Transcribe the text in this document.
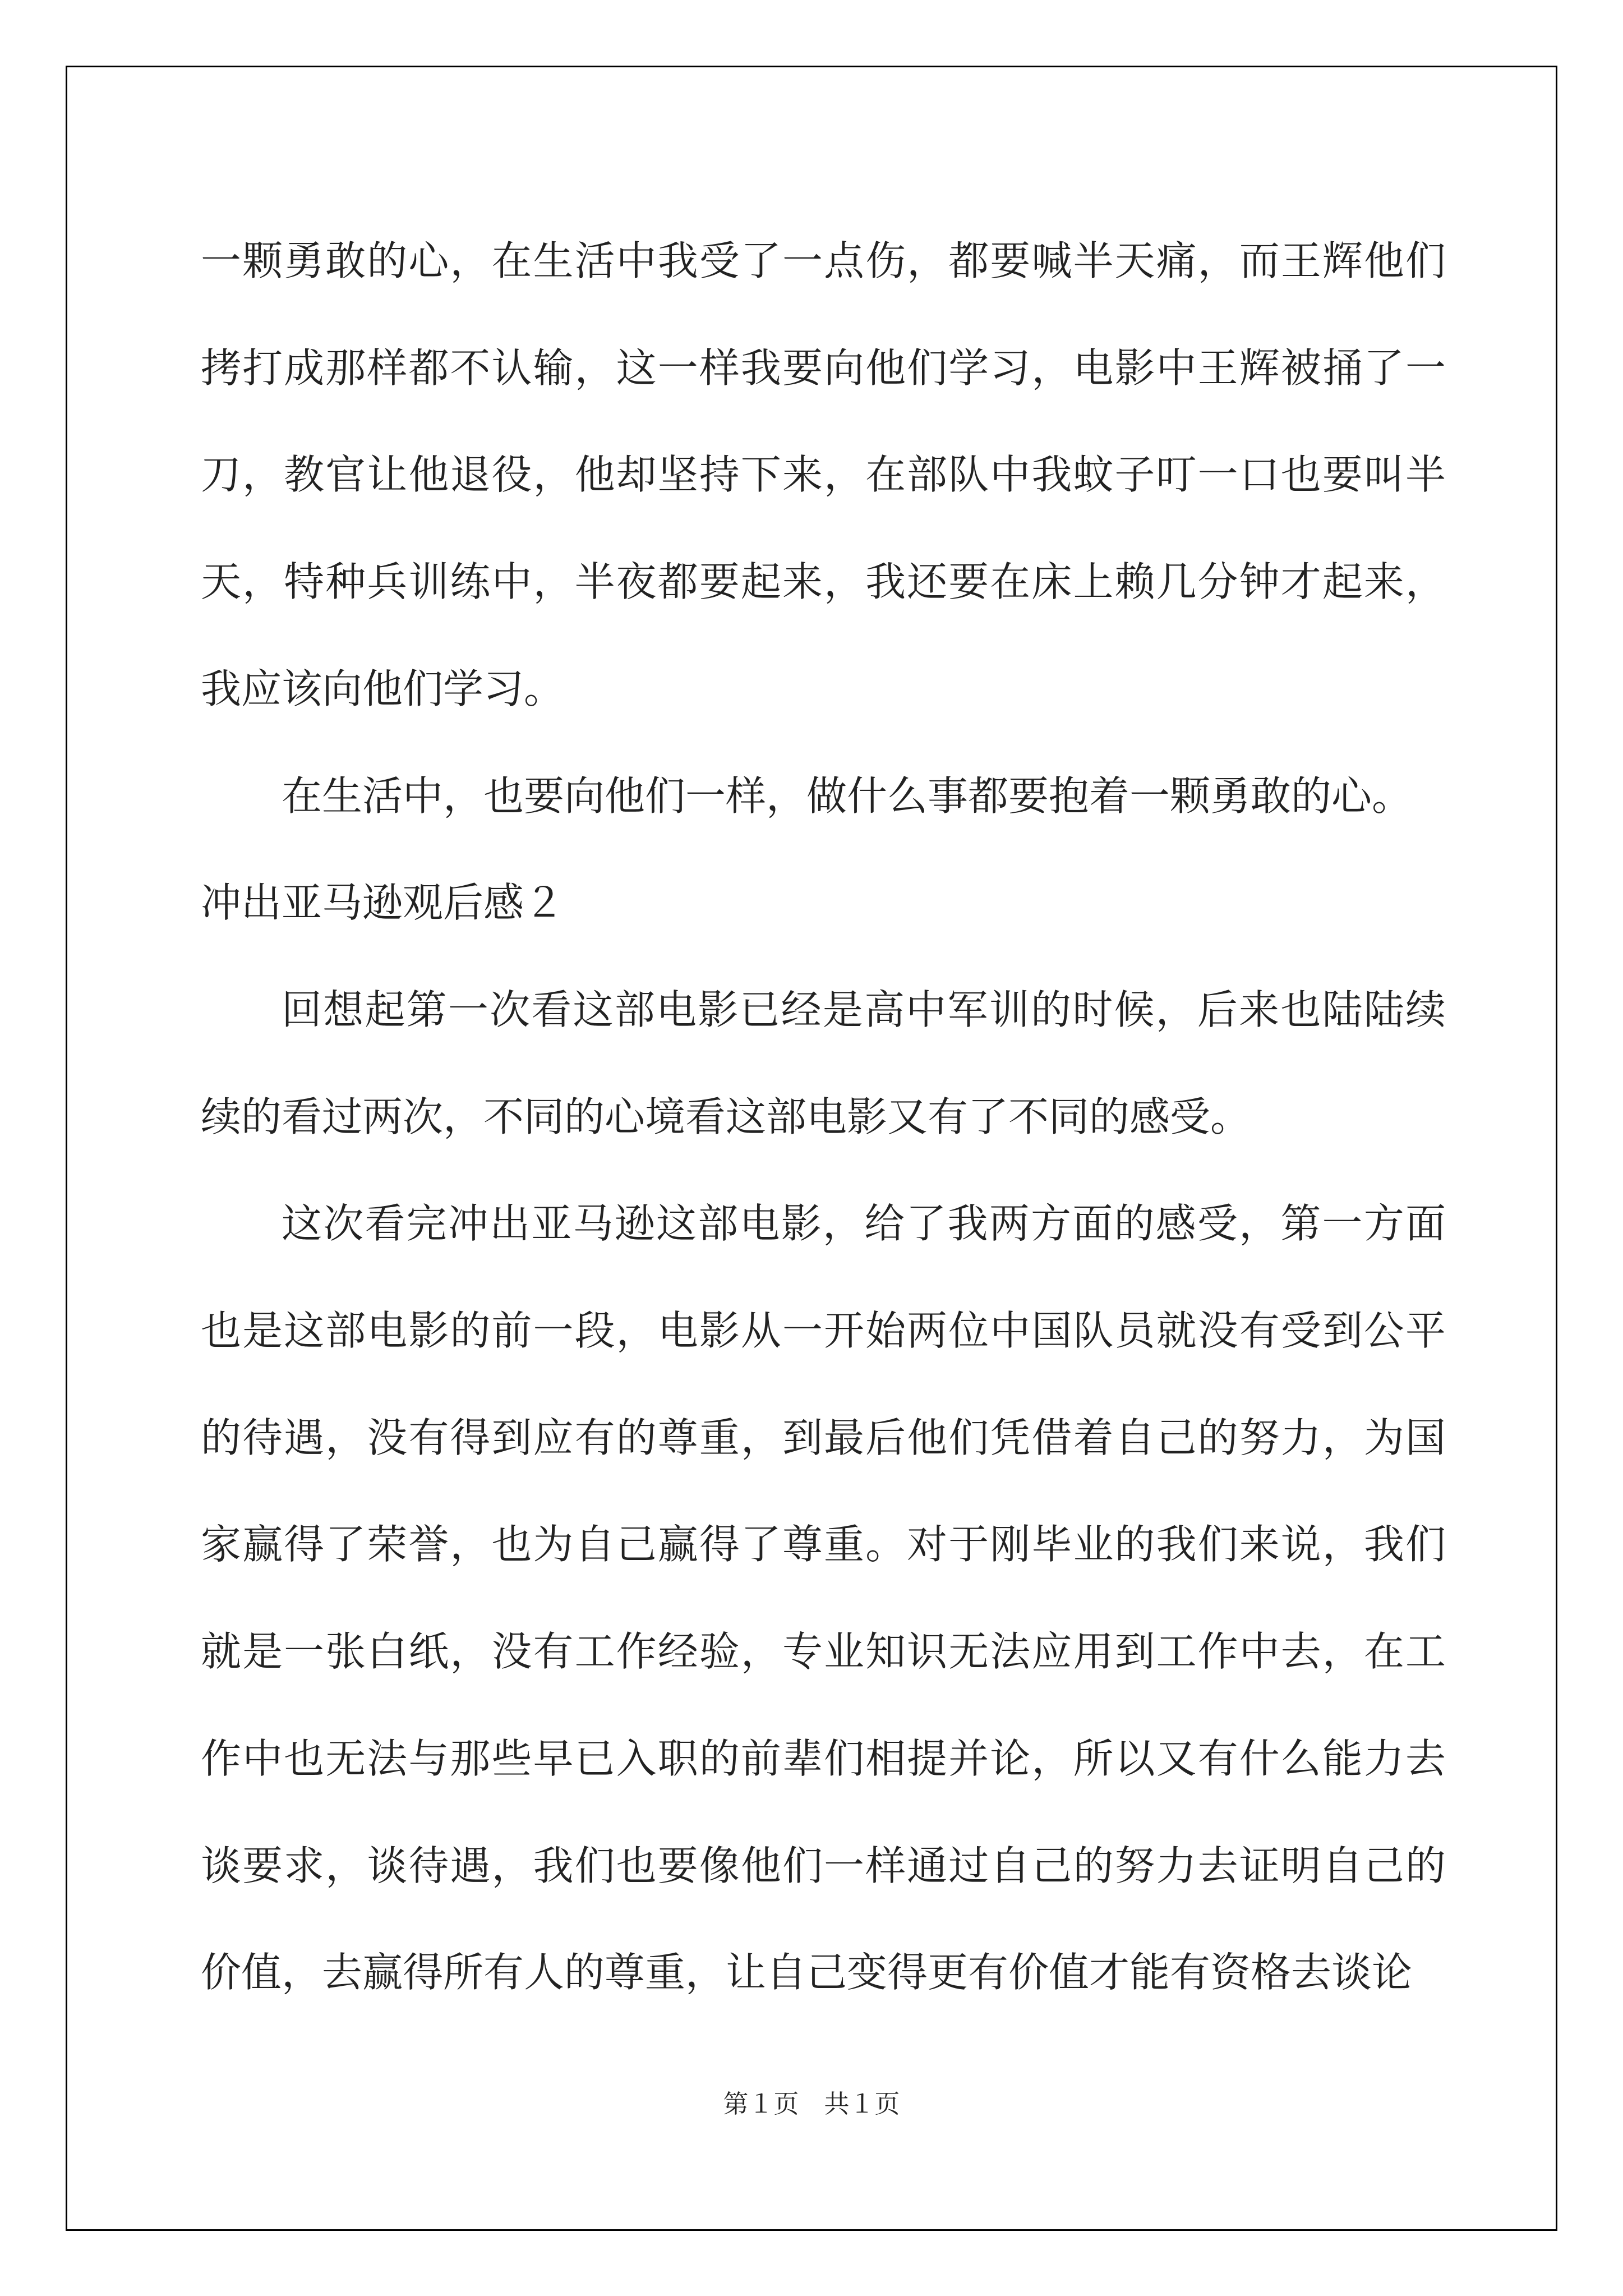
一颗勇敢的心，在生活中我受了一点伤，都要喊半天痛，而王辉他们拷打成那样都不认输，这一样我要向他们学习，电影中王辉被捅了一刀，教官让他退役，他却坚持下来，在部队中我蚊子叮一口也要叫半天，特种兵训练中，半夜都要起来，我还要在床上赖几分钟才起来，我应该向他们学习。

在生活中，也要向他们一样，做什么事都要抱着一颗勇敢的心。

冲出亚马逊观后感２

回想起第一次看这部电影已经是高中军训的时候，后来也陆陆续续的看过两次，不同的心境看这部电影又有了不同的感受。

这次看完冲出亚马逊这部电影，给了我两方面的感受，第一方面也是这部电影的前一段，电影从一开始两位中国队员就没有受到公平的待遇，没有得到应有的尊重，到最后他们凭借着自己的努力，为国家赢得了荣誉，也为自己赢得了尊重。对于刚毕业的我们来说，我们就是一张白纸，没有工作经验，专业知识无法应用到工作中去，在工作中也无法与那些早已入职的前辈们相提并论，所以又有什么能力去谈要求，谈待遇，我们也要像他们一样通过自己的努力去证明自己的价值，去赢得所有人的尊重，让自己变得更有价值才能有资格去谈论

第１页　共１页
